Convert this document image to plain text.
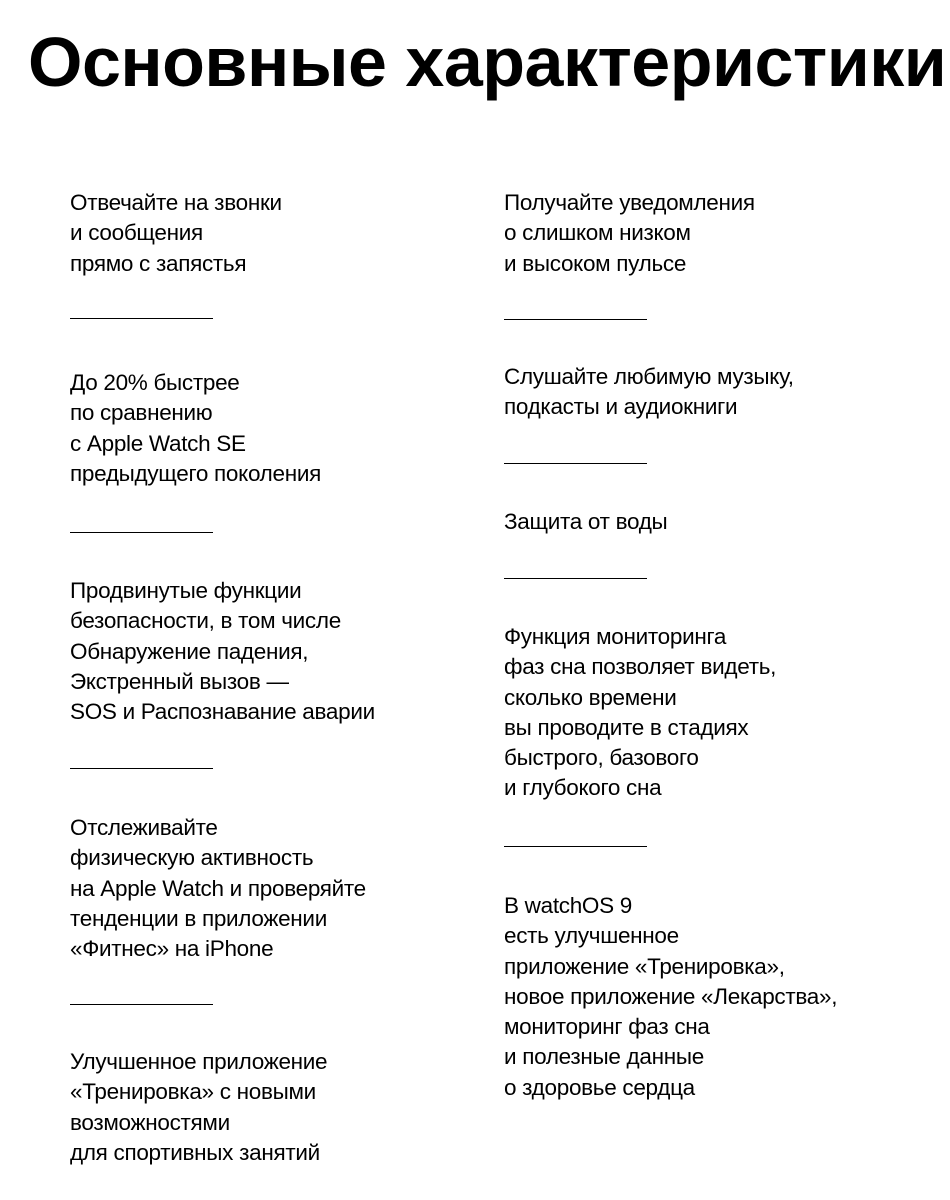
Основные характеристики

Отвечайте на звонки
и сообщения
прямо с запястья

До 20% быстрее
по сравнению
с Apple Watch SE
предыдущего поколения

Продвинутые функции
безопасности, в том числе
Обнаружение падения,
Экстренный вызов —
SOS и Распознавание аварии

Отслеживайте
физическую активность
на Apple Watch и проверяйте
тенденции в приложении
«Фитнес» на iPhone

Улучшенное приложение
«Тренировка» с новыми
возможностями
для спортивных занятий

Получайте уведомления
о слишком низком
и высоком пульсе

Слушайте любимую музыку,
подкасты и аудиокниги

Защита от воды

Функция мониторинга
фаз сна позволяет видеть,
сколько времени
вы проводите в стадиях
быстрого, базового
и глубокого сна

В watchOS 9
есть улучшенное
приложение «Тренировка»,
новое приложение «Лекарства»,
мониторинг фаз сна
и полезные данные
о здоровье сердца
